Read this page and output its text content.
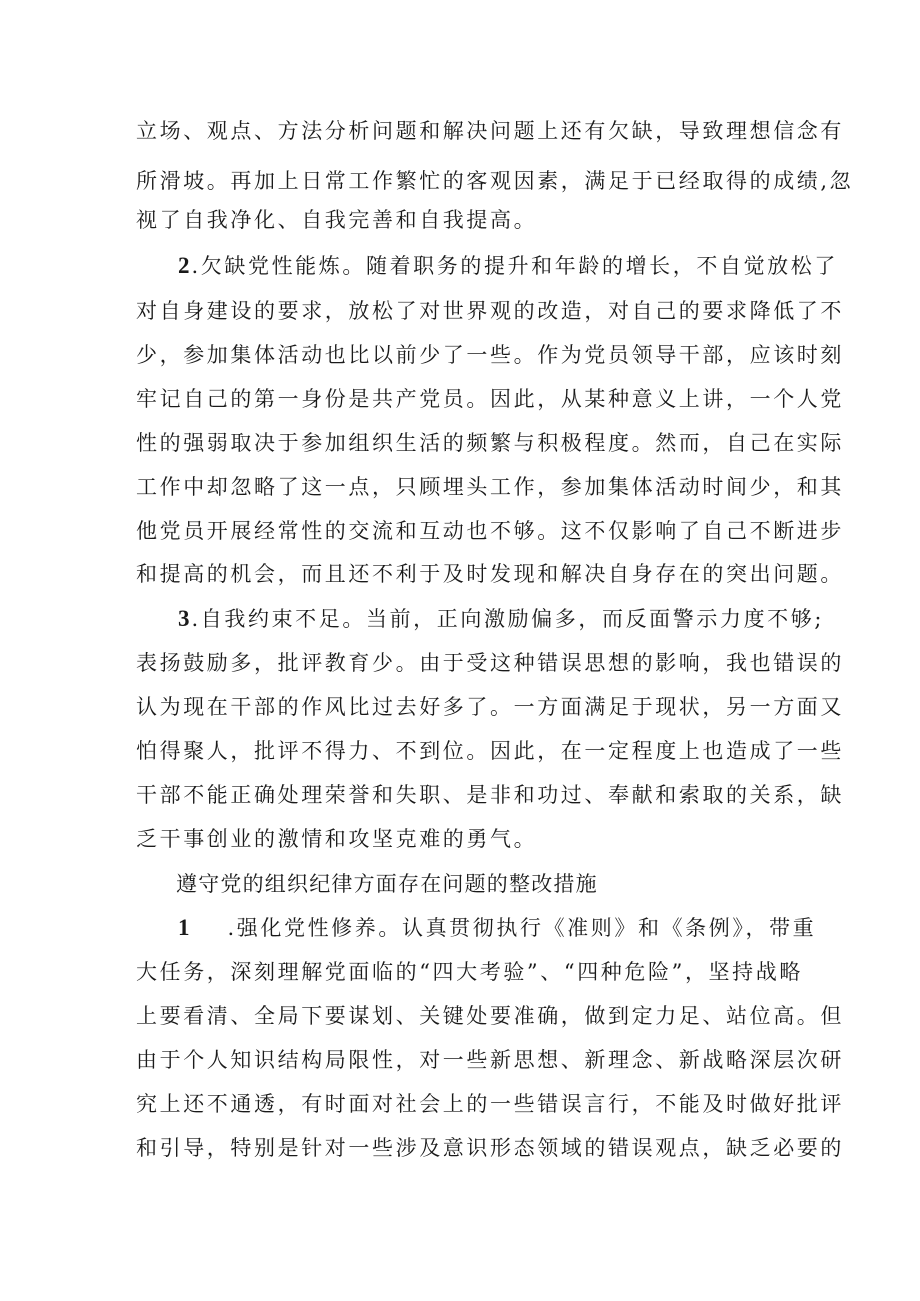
立场、观点、方法分析问题和解决问题上还有欠缺，导致理想信念有
所滑坡。再加上日常工作繁忙的客观因素，满足于已经取得的成绩,忽
视了自我净化、自我完善和自我提高。
2.欠缺党性能炼。随着职务的提升和年龄的增长，不自觉放松了
对自身建设的要求，放松了对世界观的改造，对自己的要求降低了不
少，参加集体活动也比以前少了一些。作为党员领导干部，应该时刻
牢记自己的第一身份是共产党员。因此，从某种意义上讲，一个人党
性的强弱取决于参加组织生活的频繁与积极程度。然而，自己在实际
工作中却忽略了这一点，只顾埋头工作，参加集体活动时间少，和其
他党员开展经常性的交流和互动也不够。这不仅影响了自己不断进步
和提高的机会，而且还不利于及时发现和解决自身存在的突出问题。
3.自我约束不足。当前，正向激励偏多，而反面警示力度不够;
表扬鼓励多，批评教育少。由于受这种错误思想的影响，我也错误的
认为现在干部的作风比过去好多了。一方面满足于现状，另一方面又
怕得聚人，批评不得力、不到位。因此，在一定程度上也造成了一些
干部不能正确处理荣誉和失职、是非和功过、奉献和索取的关系，缺
乏干事创业的激情和攻坚克难的勇气。
遵守党的组织纪律方面存在问题的整改措施
1 .强化党性修养。认真贯彻执行《准则》和《条例》，带重
大任务，深刻理解党面临的“四大考验”、“四种危险”，坚持战略
上要看清、全局下要谋划、关键处要准确，做到定力足、站位高。但
由于个人知识结构局限性，对一些新思想、新理念、新战略深层次研
究上还不通透，有时面对社会上的一些错误言行，不能及时做好批评
和引导，特别是针对一些涉及意识形态领域的错误观点，缺乏必要的
